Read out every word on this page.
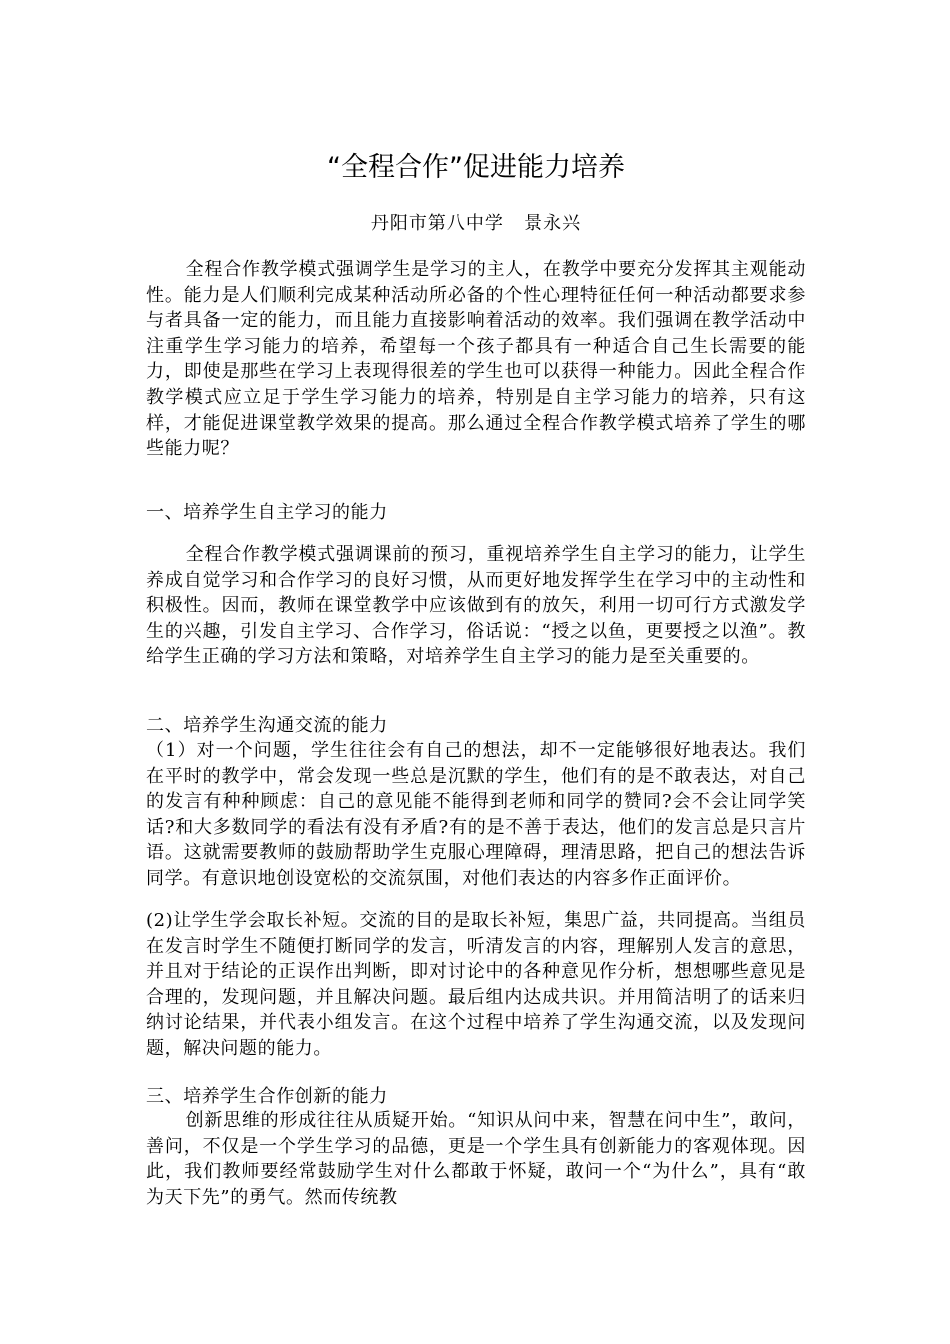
“全程合作”促进能力培养
丹阳市第八中学   景永兴

全程合作教学模式强调学生是学习的主人，在教学中要充分发挥其主观能动性。能力是人们顺利完成某种活动所必备的个性心理特征任何一种活动都要求参与者具备一定的能力，而且能力直接影响着活动的效率。我们强调在教学活动中注重学生学习能力的培养，希望每一个孩子都具有一种适合自己生长需要的能力，即使是那些在学习上表现得很差的学生也可以获得一种能力。因此全程合作教学模式应立足于学生学习能力的培养，特别是自主学习能力的培养，只有这样，才能促进课堂教学效果的提高。那么通过全程合作教学模式培养了学生的哪些能力呢？

一、培养学生自主学习的能力

全程合作教学模式强调课前的预习，重视培养学生自主学习的能力，让学生养成自觉学习和合作学习的良好习惯，从而更好地发挥学生在学习中的主动性和积极性。因而，教师在课堂教学中应该做到有的放矢，利用一切可行方式激发学生的兴趣，引发自主学习、合作学习，俗话说：“授之以鱼，更要授之以渔”。教给学生正确的学习方法和策略，对培养学生自主学习的能力是至关重要的。

二、培养学生沟通交流的能力

（1）对一个问题，学生往往会有自己的想法，却不一定能够很好地表达。我们在平时的教学中，常会发现一些总是沉默的学生，他们有的是不敢表达，对自己的发言有种种顾虑：自己的意见能不能得到老师和同学的赞同?会不会让同学笑话?和大多数同学的看法有没有矛盾?有的是不善于表达，他们的发言总是只言片语。这就需要教师的鼓励帮助学生克服心理障碍，理清思路，把自己的想法告诉同学。有意识地创设宽松的交流氛围，对他们表达的内容多作正面评价。

(2)让学生学会取长补短。交流的目的是取长补短，集思广益，共同提高。当组员在发言时学生不随便打断同学的发言，听清发言的内容，理解别人发言的意思，并且对于结论的正误作出判断，即对讨论中的各种意见作分析，想想哪些意见是合理的，发现问题，并且解决问题。最后组内达成共识。并用简洁明了的话来归纳讨论结果，并代表小组发言。在这个过程中培养了学生沟通交流，以及发现问题，解决问题的能力。

三、培养学生合作创新的能力

创新思维的形成往往从质疑开始。“知识从问中来，智慧在问中生”，敢问，善问，不仅是一个学生学习的品德，更是一个学生具有创新能力的客观体现。因此，我们教师要经常鼓励学生对什么都敢于怀疑，敢问一个“为什么”，具有“敢为天下先”的勇气。然而传统教
